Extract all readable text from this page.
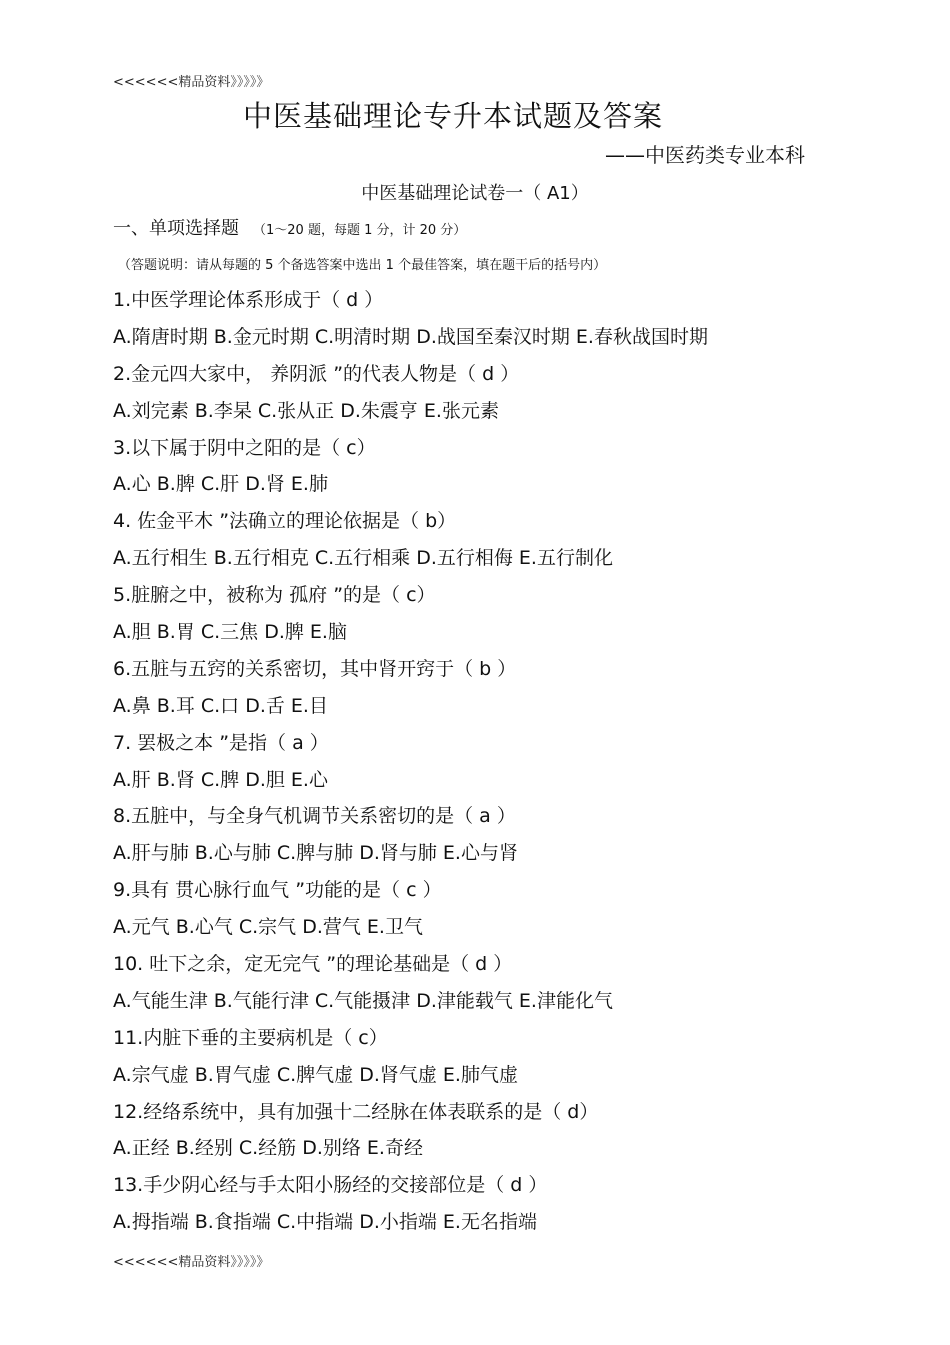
<<<<<<精品资料》》》》》
中医基础理论专升本试题及答案
——中医药类专业本科
中医基础理论试卷一（ A1）
一、单项选择题 （1～20 题，每题 1 分，计 20 分）
（答题说明：请从每题的 5 个备选答案中选出 1 个最佳答案，填在题干后的括号内）
1.中医学理论体系形成于（ d ）
A.隋唐时期 B.金元时期 C.明清时期 D.战国至秦汉时期 E.春秋战国时期
2.金元四大家中， 养阴派 ”的代表人物是（ d ）
A.刘完素 B.李杲 C.张从正 D.朱震亨 E.张元素
3.以下属于阴中之阳的是（ c）
A.心 B.脾 C.肝 D.肾 E.肺
4. 佐金平木 ”法确立的理论依据是（ b）
A.五行相生 B.五行相克 C.五行相乘 D.五行相侮 E.五行制化
5.脏腑之中，被称为 孤府 ”的是（ c）
A.胆 B.胃 C.三焦 D.脾 E.脑
6.五脏与五窍的关系密切，其中肾开窍于（ b ）
A.鼻 B.耳 C.口 D.舌 E.目
7. 罢极之本 ”是指（ a ）
A.肝 B.肾 C.脾 D.胆 E.心
8.五脏中，与全身气机调节关系密切的是（ a ）
A.肝与肺 B.心与肺 C.脾与肺 D.肾与肺 E.心与肾
9.具有 贯心脉行血气 ”功能的是（ c ）
A.元气 B.心气 C.宗气 D.营气 E.卫气
10. 吐下之余，定无完气 ”的理论基础是（ d ）
A.气能生津 B.气能行津 C.气能摄津 D.津能载气 E.津能化气
11.内脏下垂的主要病机是（ c）
A.宗气虚 B.胃气虚 C.脾气虚 D.肾气虚 E.肺气虚
12.经络系统中，具有加强十二经脉在体表联系的是（ d）
A.正经 B.经别 C.经筋 D.别络 E.奇经
13.手少阴心经与手太阳小肠经的交接部位是（ d ）
A.拇指端 B.食指端 C.中指端 D.小指端 E.无名指端
<<<<<<精品资料》》》》》
